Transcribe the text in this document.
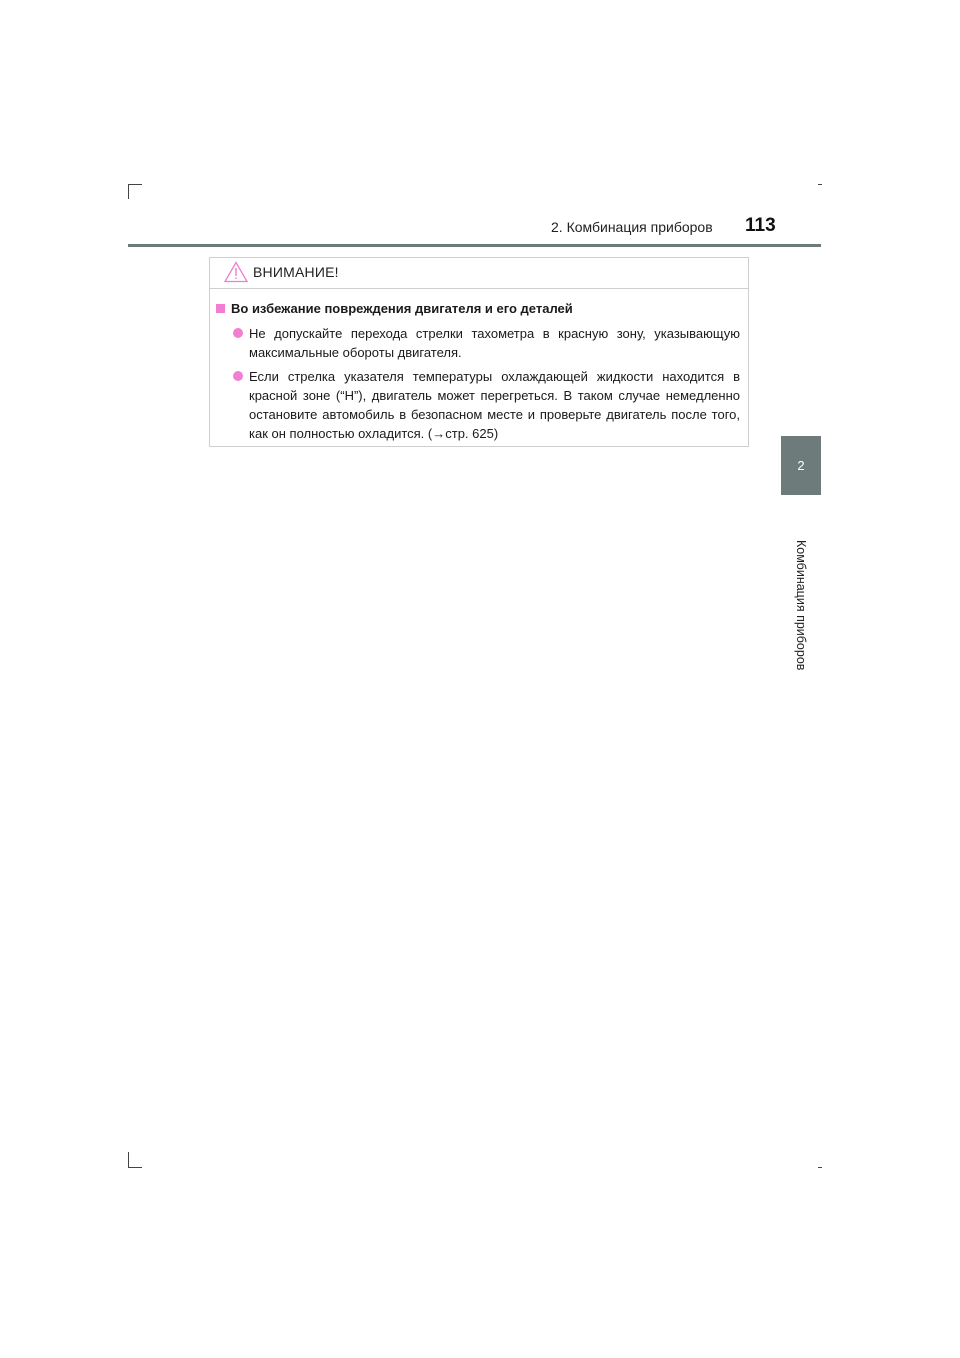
2. Комбинация приборов 113
2
Комбинация приборов
ВНИМАНИЕ!
Во избежание повреждения двигателя и его деталей
Не допускайте перехода стрелки тахометра в красную зону, указывающую максимальные обороты двигателя.
Если стрелка указателя температуры охлаждающей жидкости находится в красной зоне (“H”), двигатель может перегреться. В таком случае немедленно остановите автомобиль в безопасном месте и проверьте двигатель после того, как он полностью охладится. (→стр. 625)
